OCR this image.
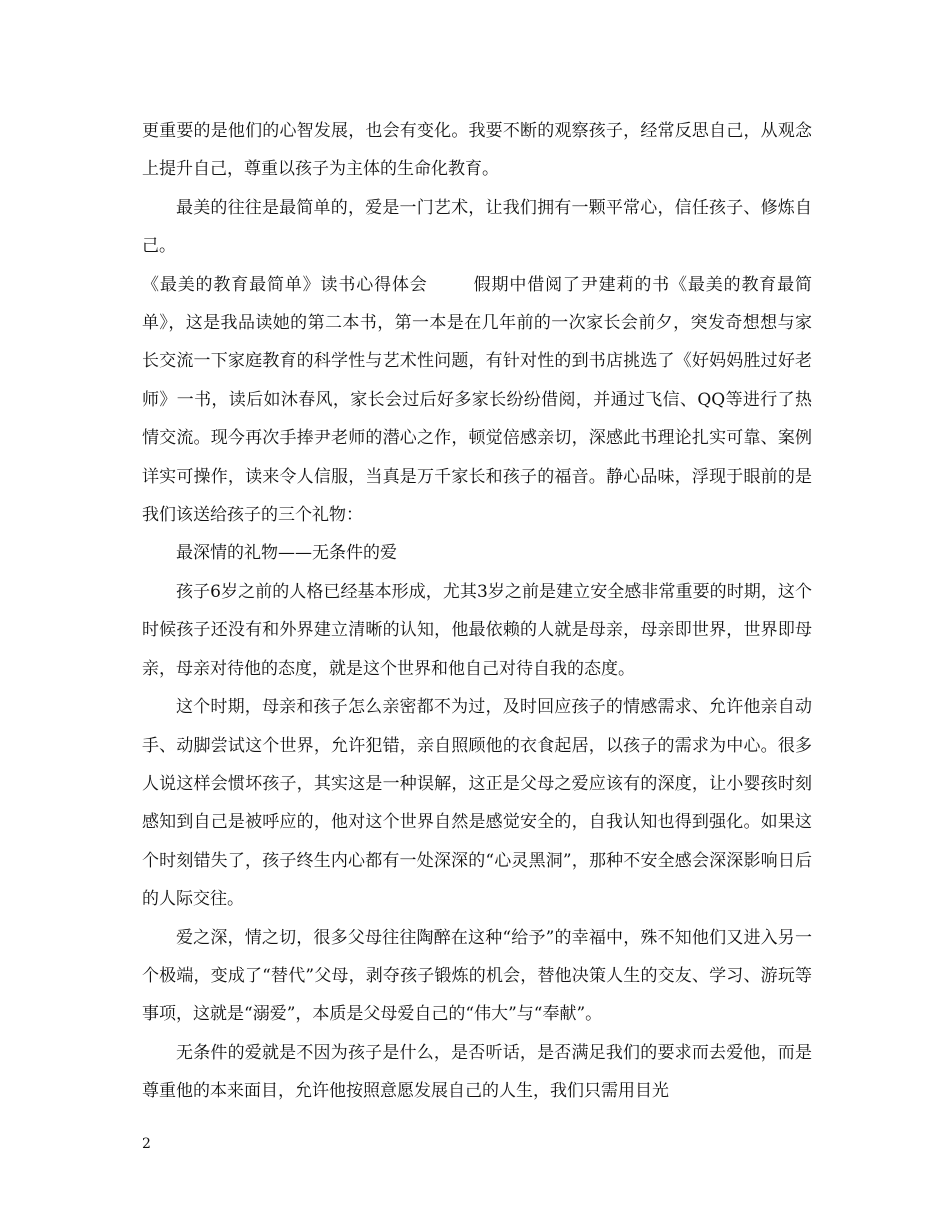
更重要的是他们的心智发展，也会有变化。我要不断的观察孩子，经常反思自己，从观念上提升自己，尊重以孩子为主体的生命化教育。

最美的往往是最简单的，爱是一门艺术，让我们拥有一颗平常心，信任孩子、修炼自己。

《最美的教育最简单》读书心得体会	假期中借阅了尹建莉的书《最美的教育最简单》，这是我品读她的第二本书，第一本是在几年前的一次家长会前夕，突发奇想想与家长交流一下家庭教育的科学性与艺术性问题，有针对性的到书店挑选了《好妈妈胜过好老师》一书，读后如沐春风，家长会过后好多家长纷纷借阅，并通过飞信、QQ等进行了热情交流。现今再次手捧尹老师的潜心之作，顿觉倍感亲切，深感此书理论扎实可靠、案例详实可操作，读来令人信服，当真是万千家长和孩子的福音。静心品味，浮现于眼前的是我们该送给孩子的三个礼物：

最深情的礼物——无条件的爱

孩子6岁之前的人格已经基本形成，尤其3岁之前是建立安全感非常重要的时期，这个时候孩子还没有和外界建立清晰的认知，他最依赖的人就是母亲，母亲即世界，世界即母亲，母亲对待他的态度，就是这个世界和他自己对待自我的态度。

这个时期，母亲和孩子怎么亲密都不为过，及时回应孩子的情感需求、允许他亲自动手、动脚尝试这个世界，允许犯错，亲自照顾他的衣食起居，以孩子的需求为中心。很多人说这样会惯坏孩子，其实这是一种误解，这正是父母之爱应该有的深度，让小婴孩时刻感知到自己是被呼应的，他对这个世界自然是感觉安全的，自我认知也得到强化。如果这个时刻错失了，孩子终生内心都有一处深深的“心灵黑洞”，那种不安全感会深深影响日后的人际交往。

爱之深，情之切，很多父母往往陶醉在这种“给予”的幸福中，殊不知他们又进入另一个极端，变成了“替代”父母，剥夺孩子锻炼的机会，替他决策人生的交友、学习、游玩等事项，这就是“溺爱”，本质是父母爱自己的“伟大”与“奉献”。

无条件的爱就是不因为孩子是什么，是否听话，是否满足我们的要求而去爱他，而是尊重他的本来面目，允许他按照意愿发展自己的人生，我们只需用目光

2
